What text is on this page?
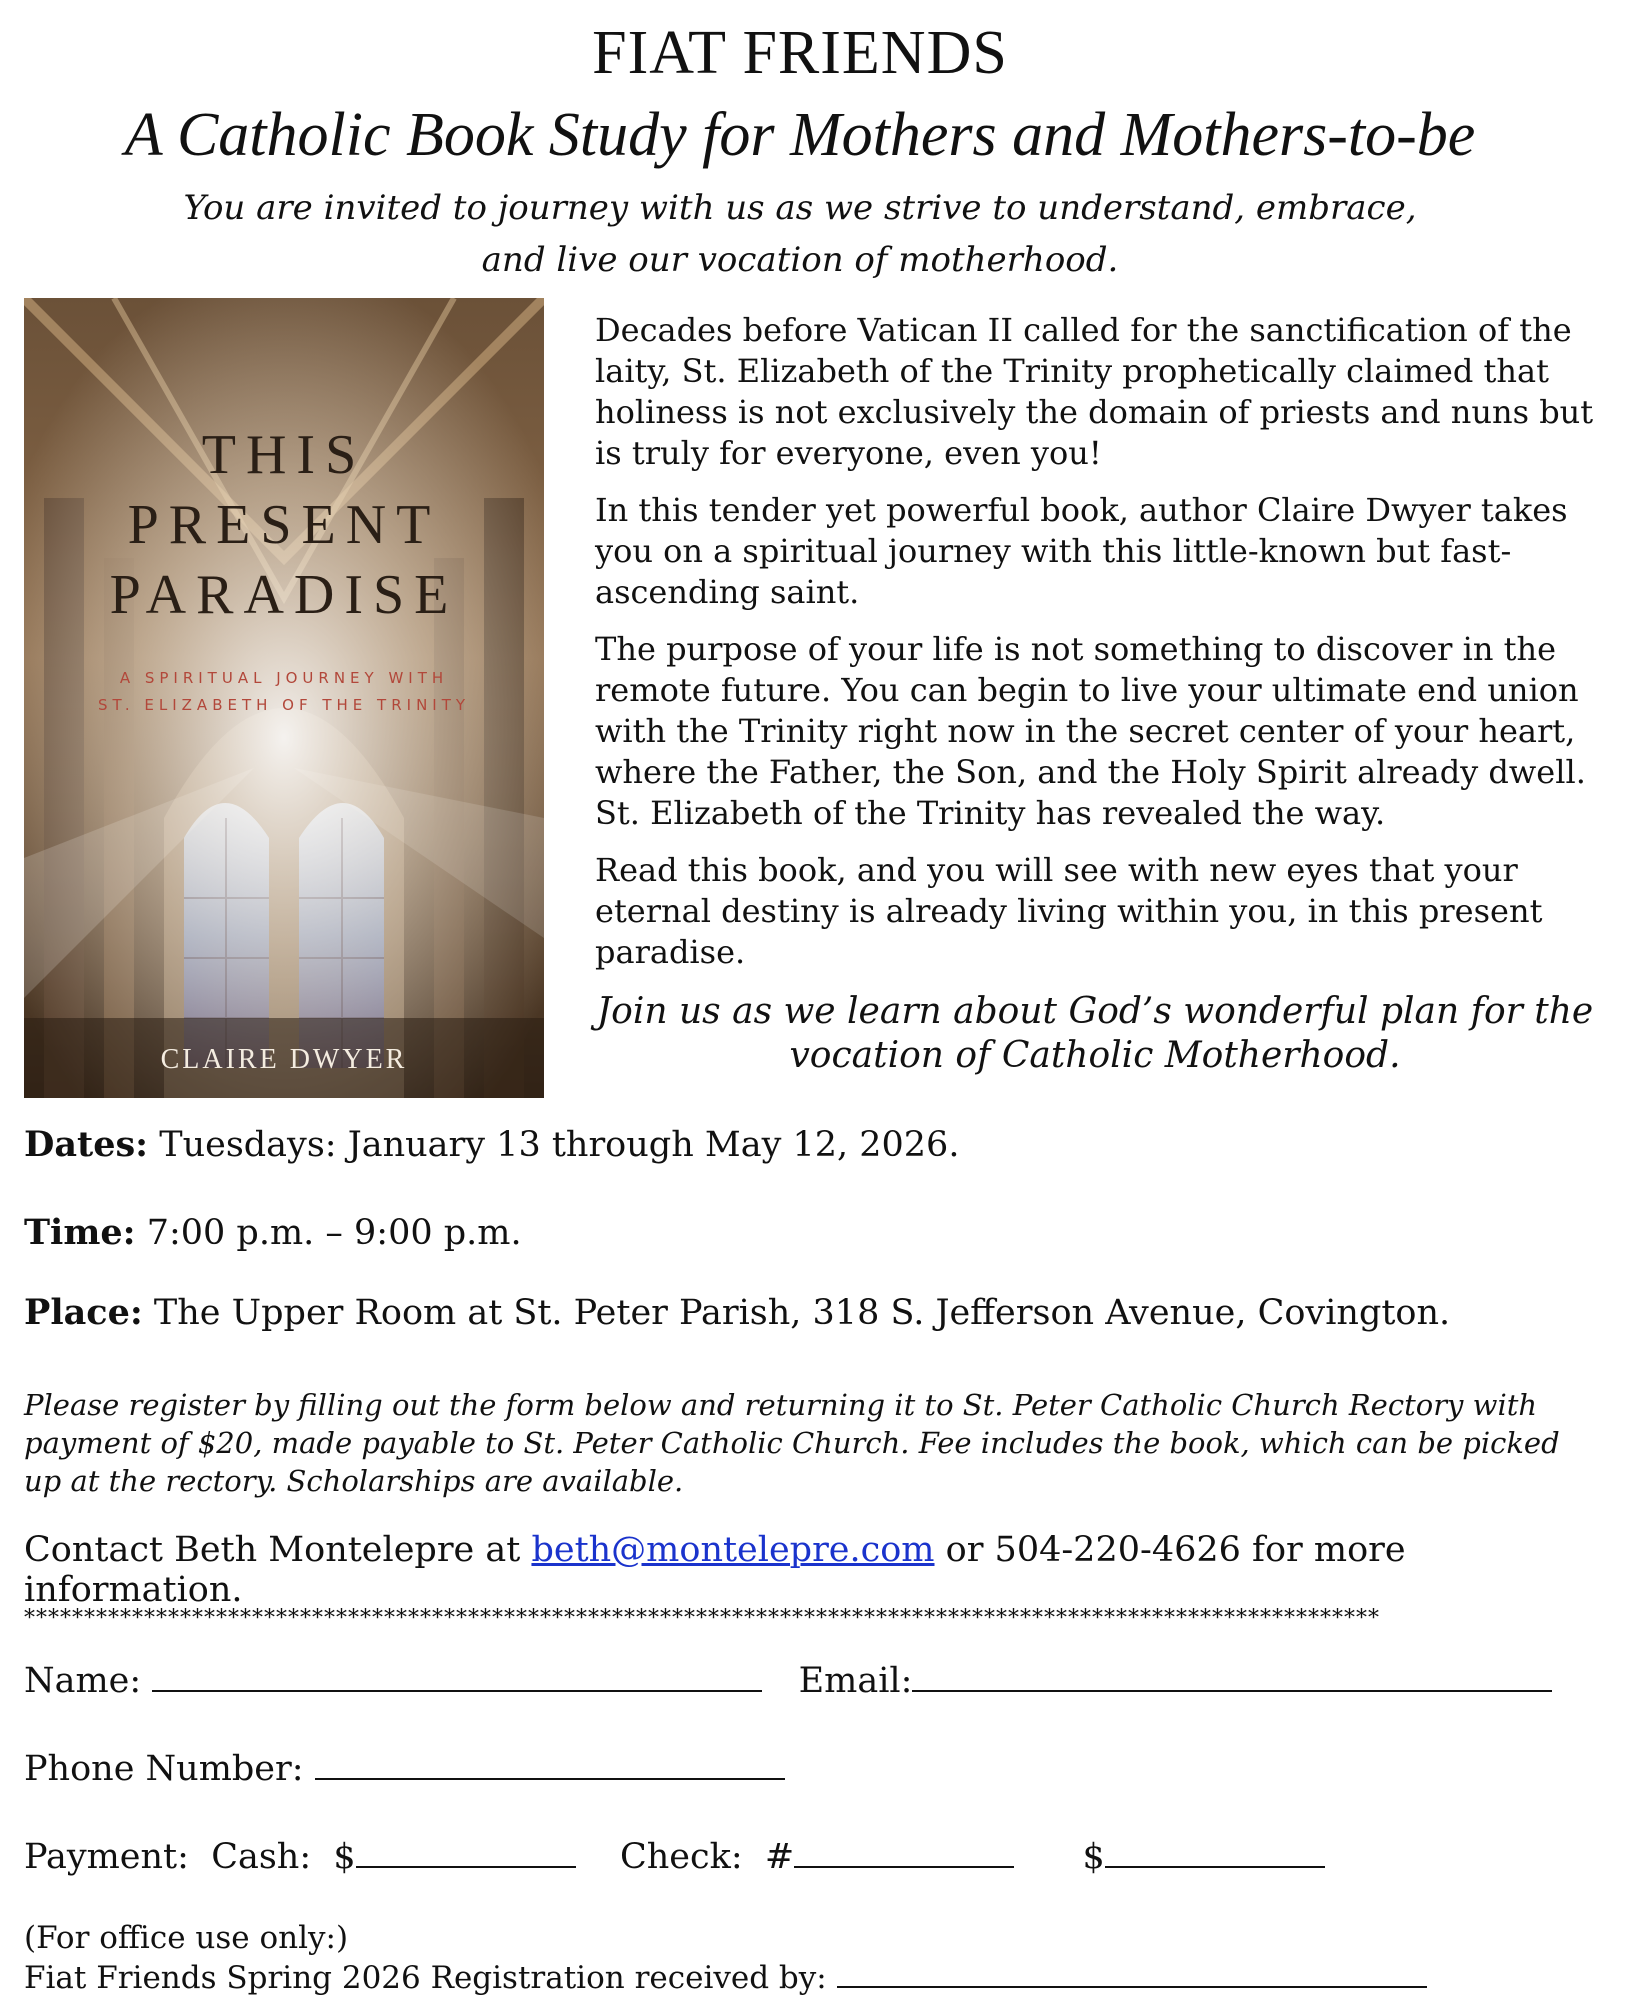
FIAT FRIENDS
A Catholic Book Study for Mothers and Mothers-to-be
You are invited to journey with us as we strive to understand, embrace,
and live our vocation of motherhood.
THIS
PRESENT
PARADISE
A SPIRITUAL JOURNEY WITH
ST. ELIZABETH OF THE TRINITY
CLAIRE DWYER

Decades before Vatican II called for the sanctification of the laity, St. Elizabeth of the Trinity prophetically claimed that holiness is not exclusively the domain of priests and nuns but is truly for everyone, even you!

In this tender yet powerful book, author Claire Dwyer takes you on a spiritual journey with this little-known but fast-ascending saint.

The purpose of your life is not something to discover in the remote future. You can begin to live your ultimate end union with the Trinity right now in the secret center of your heart, where the Father, the Son, and the Holy Spirit already dwell. St. Elizabeth of the Trinity has revealed the way.

Read this book, and you will see with new eyes that your eternal destiny is already living within you, in this present paradise.

Join us as we learn about God’s wonderful plan for the
vocation of Catholic Motherhood.
Dates: Tuesdays: January 13 through May 12, 2026.
Time: 7:00 p.m. – 9:00 p.m.
Place: The Upper Room at St. Peter Parish, 318 S. Jefferson Avenue, Covington.
Please register by filling out the form below and returning it to St. Peter Catholic Church Rectory with payment of $20, made payable to St. Peter Catholic Church. Fee includes the book, which can be picked up at the rectory. Scholarships are available.
Contact Beth Montelepre at beth@montelepre.com or 504-220-4626 for more information.
*****************************************************************************************************************
Name:	Email:
Phone Number:
Payment: Cash: $	Check: #	$
(For office use only:)
Fiat Friends Spring 2026 Registration received by:
